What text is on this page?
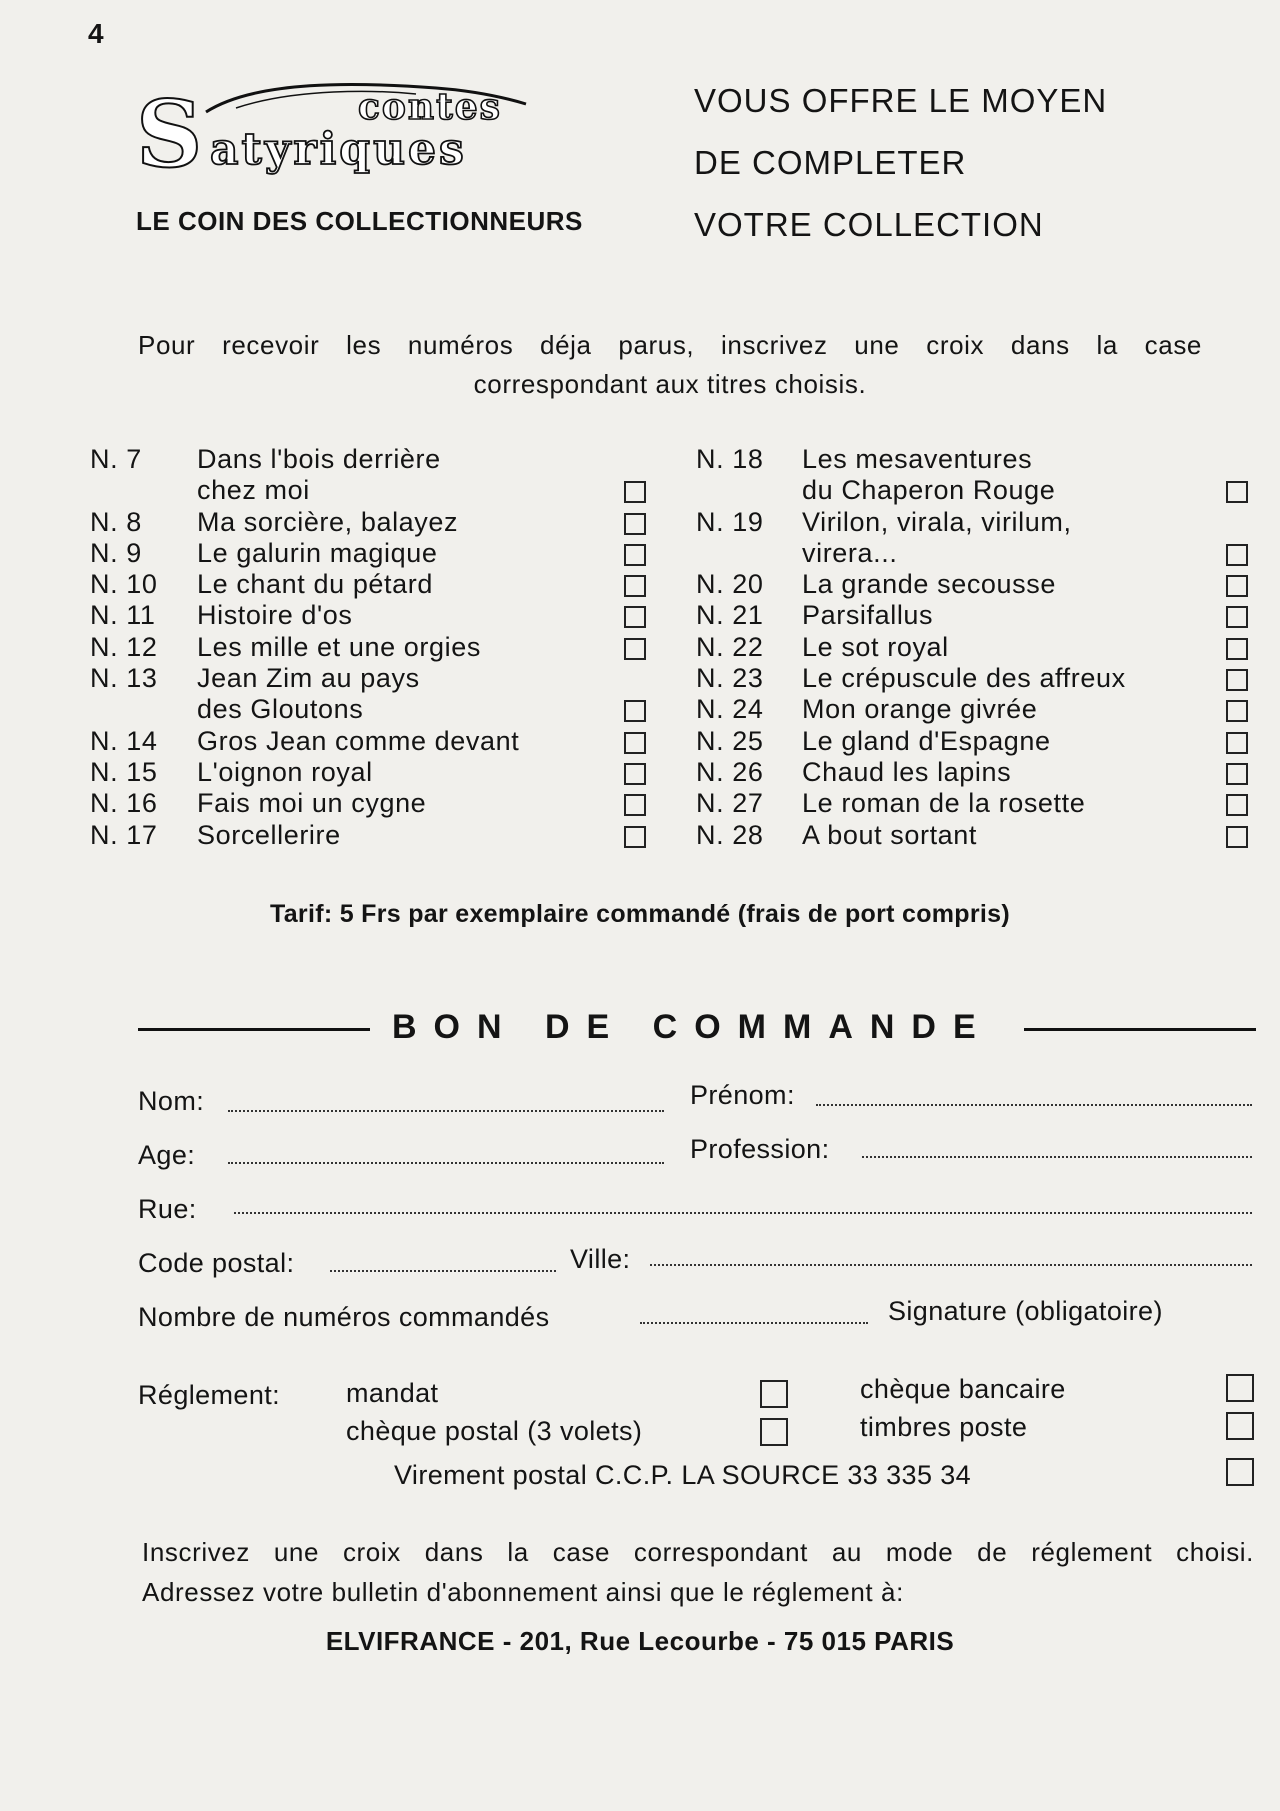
4
S	contes
atyriques
LE COIN DES COLLECTIONNEURS
VOUS OFFRE LE MOYEN
DE COMPLETER
VOTRE COLLECTION
Pour recevoir les numéros déja parus, inscrivez une croix dans la case
correspondant aux titres choisis.
N. 7	Dans l'bois derrière
chez moi
N. 8	Ma sorcière, balayez
N. 9	Le galurin magique
N. 10	Le chant du pétard
N. 11	Histoire d'os
N. 12	Les mille et une orgies
N. 13	Jean Zim au pays
des Gloutons
N. 14	Gros Jean comme devant
N. 15	L'oignon royal
N. 16	Fais moi un cygne
N. 17	Sorcellerire
N. 18	Les mesaventures
du Chaperon Rouge
N. 19	Virilon, virala, virilum,
virera...
N. 20	La grande secousse
N. 21	Parsifallus
N. 22	Le sot royal
N. 23	Le crépuscule des affreux
N. 24	Mon orange givrée
N. 25	Le gland d'Espagne
N. 26	Chaud les lapins
N. 27	Le roman de la rosette
N. 28	A bout sortant
Tarif: 5 Frs par exemplaire commandé (frais de port compris)
BON DE COMMANDE
Nom:	Prénom:
Age:	Profession:
Rue:
Code postal:	Ville:
Nombre de numéros commandés	Signature (obligatoire)
Réglement: mandat	chèque bancaire
chèque postal (3 volets)	timbres poste
Virement postal C.C.P. LA SOURCE 33 335 34
Inscrivez une croix dans la case correspondant au mode de réglement choisi.
Adressez votre bulletin d'abonnement ainsi que le réglement à:
ELVIFRANCE - 201, Rue Lecourbe - 75 015 PARIS
